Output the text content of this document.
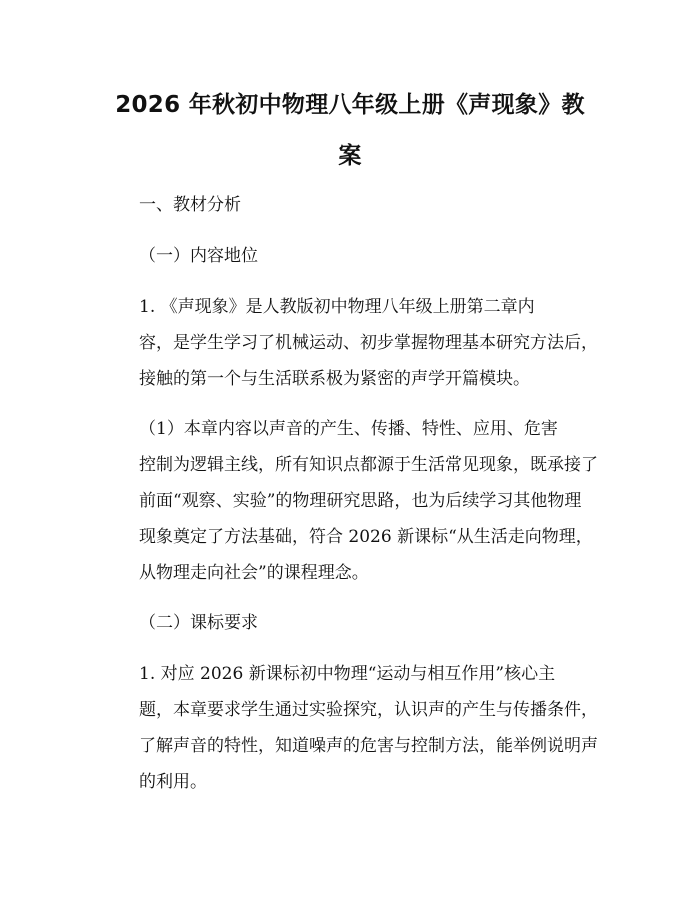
2026 年秋初中物理八年级上册《声现象》教
案

一、教材分析

（一）内容地位

1. 《声现象》是人教版初中物理八年级上册第二章内
容，是学生学习了机械运动、初步掌握物理基本研究方法后，
接触的第一个与生活联系极为紧密的声学开篇模块。

（1）本章内容以声音的产生、传播、特性、应用、危害
控制为逻辑主线，所有知识点都源于生活常见现象，既承接了
前面“观察、实验”的物理研究思路，也为后续学习其他物理
现象奠定了方法基础，符合 2026 新课标“从生活走向物理，
从物理走向社会”的课程理念。

（二）课标要求

1. 对应 2026 新课标初中物理“运动与相互作用”核心主
题，本章要求学生通过实验探究，认识声的产生与传播条件，
了解声音的特性，知道噪声的危害与控制方法，能举例说明声
的利用。
